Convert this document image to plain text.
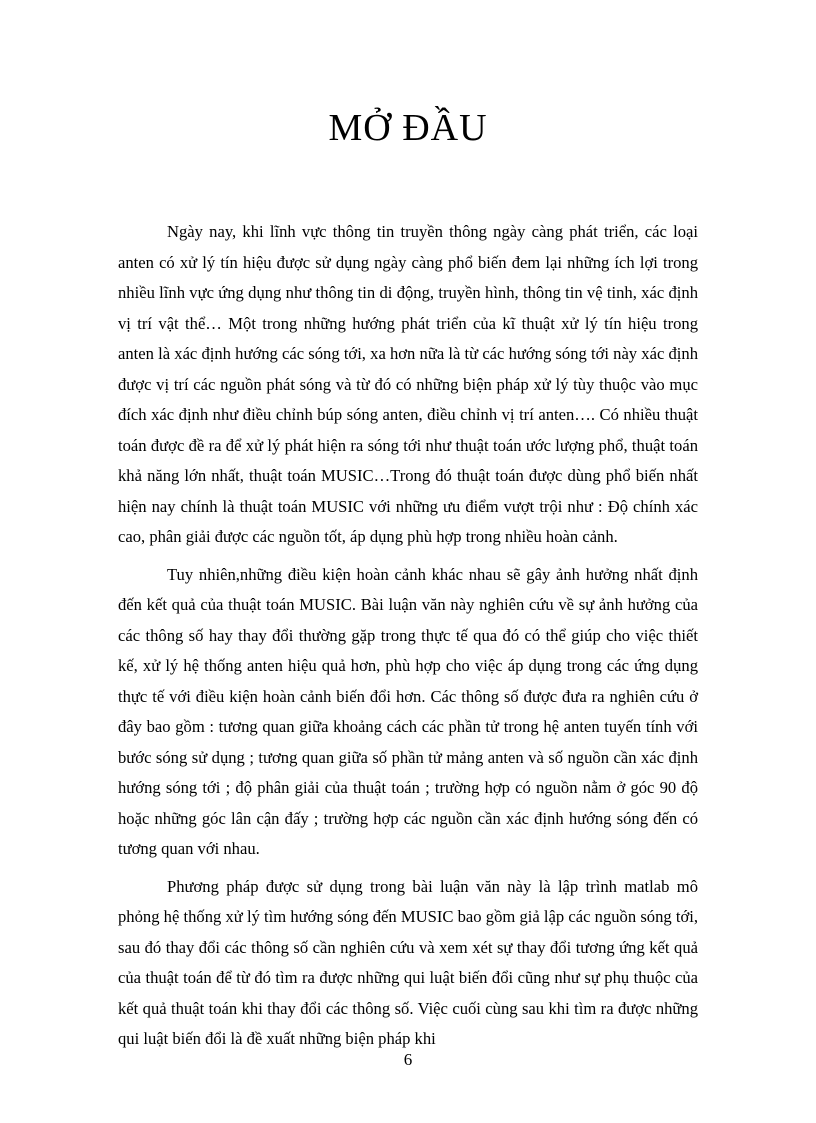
MỞ ĐẦU

Ngày nay, khi lĩnh vực thông tin truyền thông ngày càng phát triển, các loại anten có xử lý tín hiệu được sử dụng ngày càng phổ biến đem lại những ích lợi trong nhiều lĩnh vực ứng dụng như thông tin di động, truyền hình, thông tin vệ tinh, xác định vị trí vật thể… Một trong những hướng phát triển của kĩ thuật xử lý tín hiệu trong anten là xác định hướng các sóng tới, xa hơn nữa là từ các hướng sóng tới này xác định được vị trí các nguồn phát sóng và từ đó có những biện pháp xử lý tùy thuộc vào mục đích xác định như điều chỉnh búp sóng anten, điều chỉnh vị trí anten…. Có nhiều thuật toán được đề ra để xử lý phát hiện ra sóng tới như thuật toán ước lượng phổ, thuật toán khả năng lớn nhất, thuật toán MUSIC…Trong đó thuật toán được dùng phổ biến nhất hiện nay chính là thuật toán MUSIC với những ưu điểm vượt trội như : Độ chính xác cao, phân giải được các nguồn tốt, áp dụng phù hợp trong nhiều hoàn cảnh.

Tuy nhiên,những điều kiện hoàn cảnh khác nhau sẽ gây ảnh hưởng nhất định đến kết quả của thuật toán MUSIC. Bài luận văn này nghiên cứu về sự ảnh hưởng của các thông số hay thay đổi thường gặp trong thực tế qua đó có thể giúp cho việc thiết kế, xử lý hệ thống anten hiệu quả hơn, phù hợp cho việc áp dụng trong các ứng dụng thực tế với điều kiện hoàn cảnh biến đổi hơn. Các thông số được đưa ra nghiên cứu ở đây bao gồm : tương quan giữa khoảng cách các phần tử trong hệ anten tuyến tính với bước sóng sử dụng ; tương quan giữa số phần tử mảng anten và số nguồn cần xác định hướng sóng tới ; độ phân giải của thuật toán ; trường hợp có nguồn nằm ở góc 90 độ hoặc những góc lân cận đấy ; trường hợp các nguồn cần xác định hướng sóng đến có tương quan với nhau.

Phương pháp được sử dụng trong bài luận văn này là lập trình matlab mô phỏng hệ thống xử lý tìm hướng sóng đến MUSIC bao gồm giả lập các nguồn sóng tới, sau đó thay đổi các thông số cần nghiên cứu và xem xét sự thay đổi tương ứng kết quả của thuật toán để từ đó tìm ra được những qui luật biến đổi cũng như sự phụ thuộc của kết quả thuật toán khi thay đổi các thông số. Việc cuối cùng sau khi tìm ra được những qui luật biến đổi là đề xuất những biện pháp khi

6
